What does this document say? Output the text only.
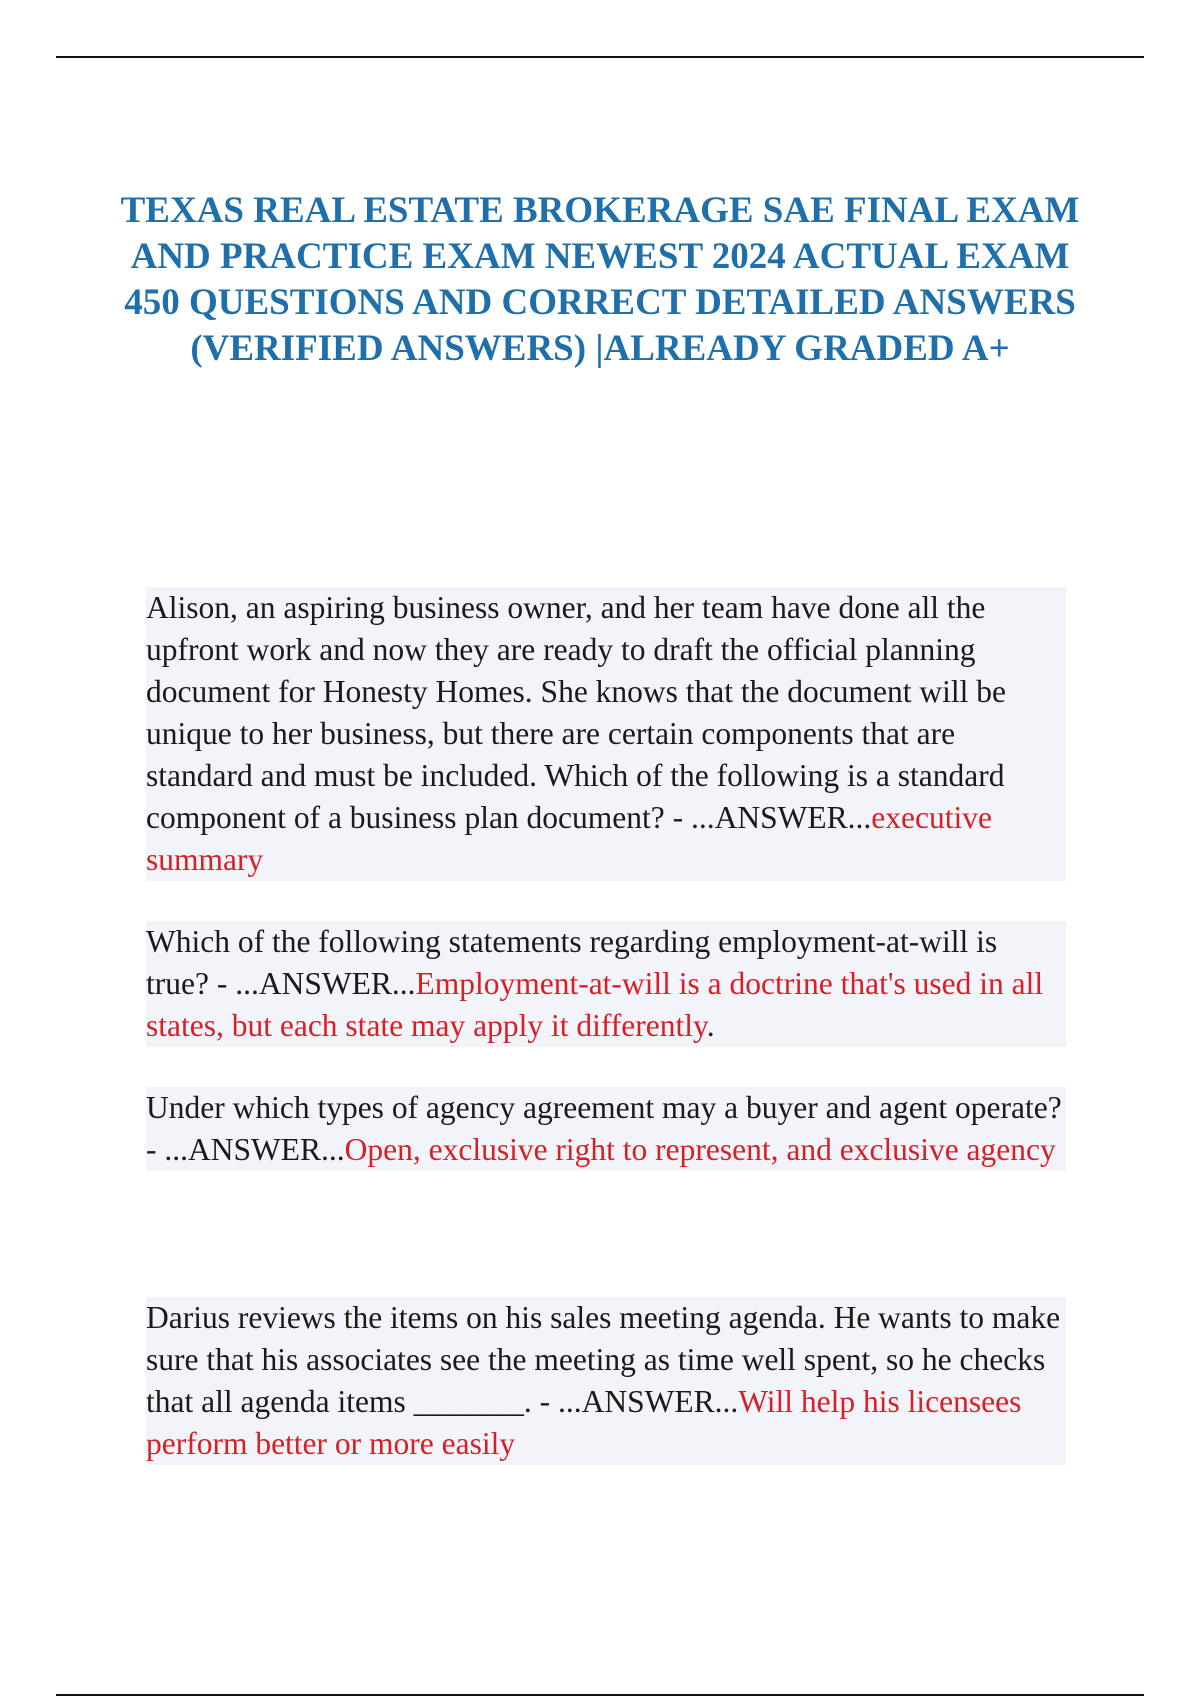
TEXAS REAL ESTATE BROKERAGE SAE FINAL EXAM AND PRACTICE EXAM NEWEST 2024 ACTUAL EXAM 450 QUESTIONS AND CORRECT DETAILED ANSWERS (VERIFIED ANSWERS) |ALREADY GRADED A+

Alison, an aspiring business owner, and her team have done all the upfront work and now they are ready to draft the official planning document for Honesty Homes. She knows that the document will be unique to her business, but there are certain components that are standard and must be included. Which of the following is a standard component of a business plan document? - ...ANSWER...executive summary

Which of the following statements regarding employment-at-will is true? - ...ANSWER...Employment-at-will is a doctrine that's used in all states, but each state may apply it differently.

Under which types of agency agreement may a buyer and agent operate? - ...ANSWER...Open, exclusive right to represent, and exclusive agency

Darius reviews the items on his sales meeting agenda. He wants to make sure that his associates see the meeting as time well spent, so he checks that all agenda items _______. - ...ANSWER...Will help his licensees perform better or more easily
